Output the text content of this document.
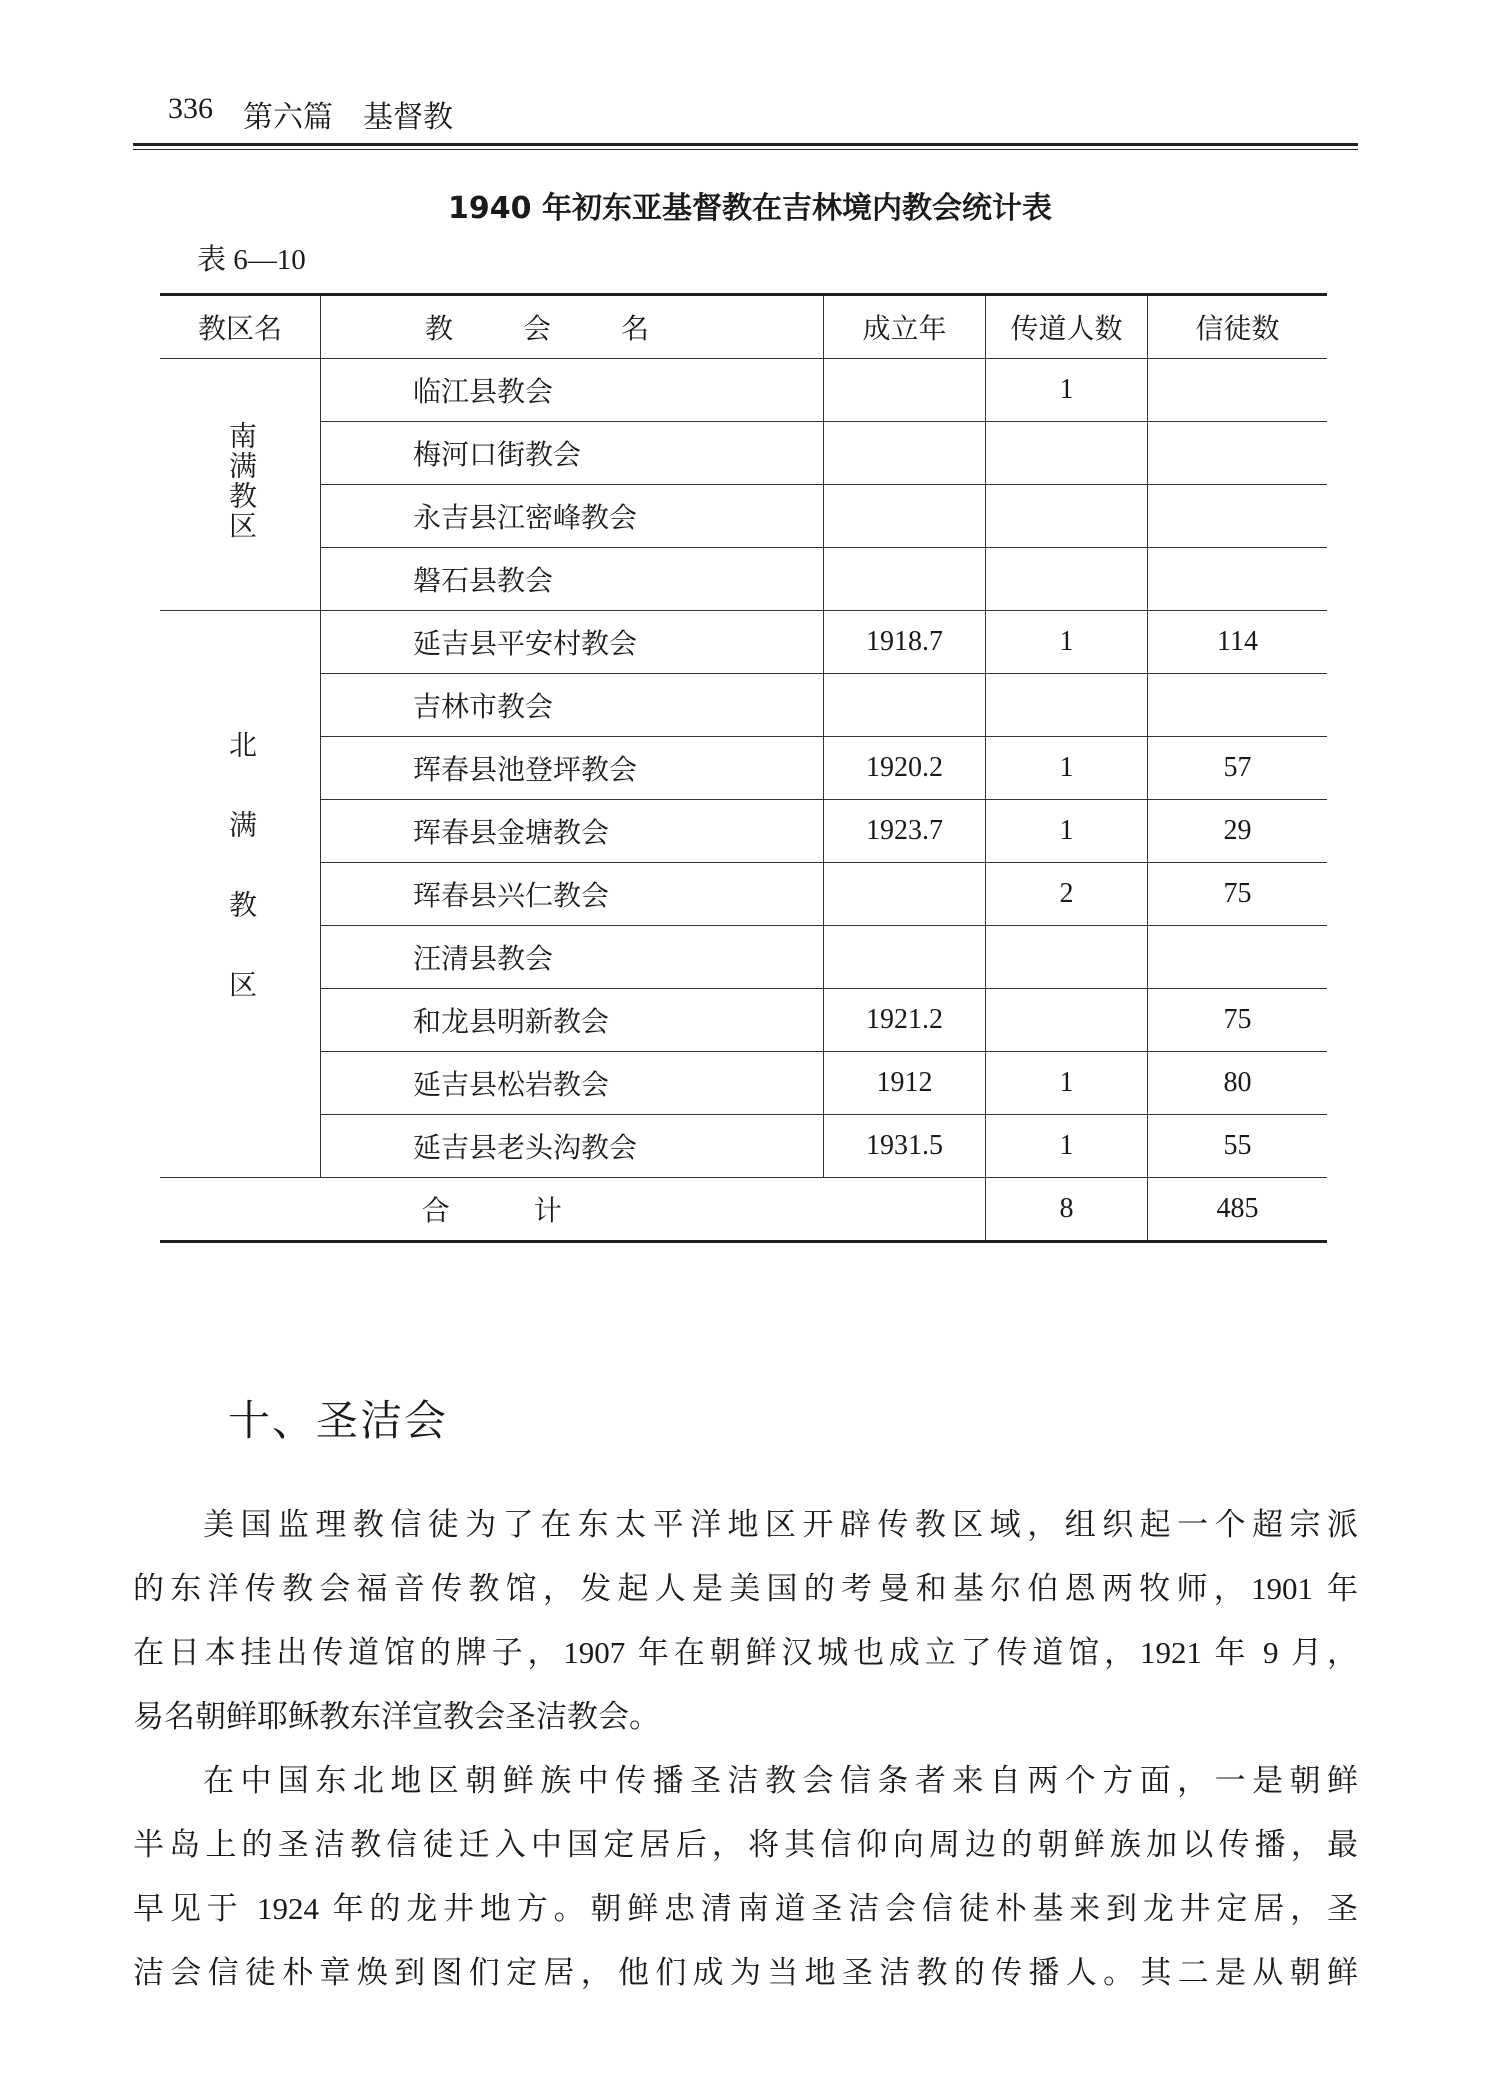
336 第六篇 基督教
1940 年初东亚基督教在吉林境内教会统计表
表 6—10
教区名	教会名	成立年	传道人数	信徒数
南满教区	临江县教会		1	
	梅河口街教会			
	永吉县江密峰教会			
	磐石县教会			
北满教区	延吉县平安村教会	1918.7	1	114
	吉林市教会			
	珲春县池登坪教会	1920.2	1	57
	珲春县金塘教会	1923.7	1	29
	珲春县兴仁教会		2	75
	汪清县教会			
	和龙县明新教会	1921.2		75
	延吉县松岩教会	1912	1	80
	延吉县老头沟教会	1931.5	1	55
合　　　计			8	485
十、圣洁会
美国监理教信徒为了在东太平洋地区开辟传教区域，组织起一个超宗派
的东洋传教会福音传教馆，发起人是美国的考曼和基尔伯恩两牧师，1901 年
在日本挂出传道馆的牌子，1907 年在朝鲜汉城也成立了传道馆，1921 年 9 月，
易名朝鲜耶稣教东洋宣教会圣洁教会。
在中国东北地区朝鲜族中传播圣洁教会信条者来自两个方面，一是朝鲜
半岛上的圣洁教信徒迁入中国定居后，将其信仰向周边的朝鲜族加以传播，最
早见于 1924 年的龙井地方。朝鲜忠清南道圣洁会信徒朴基来到龙井定居，圣
洁会信徒朴章焕到图们定居，他们成为当地圣洁教的传播人。其二是从朝鲜
